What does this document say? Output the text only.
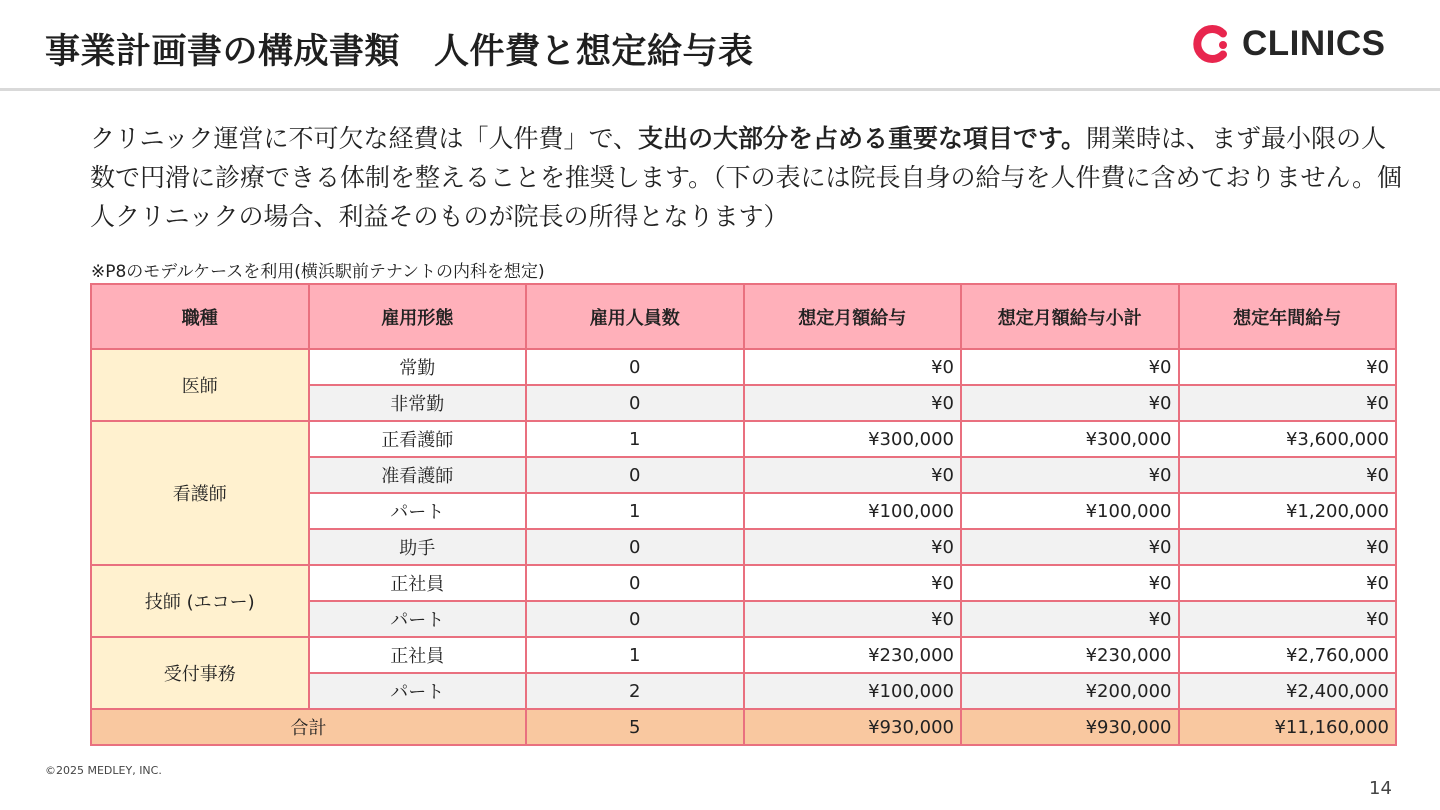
事業計画書の構成書類 人件費と想定給与表	CLINICS

クリニック運営に不可欠な経費は「人件費」で、支出の大部分を占める重要な項目です。開業時は、まず最小限の人数で円滑に診療できる体制を整えることを推奨します。（下の表には院長自身の給与を人件費に含めておりません。個人クリニックの場合、利益そのものが院長の所得となります）

※P8のモデルケースを利用(横浜駅前テナントの内科を想定)
職種	雇用形態	雇用人員数	想定月額給与	想定月額給与小計	想定年間給与
医師	常勤	0	¥0	¥0	¥0
	非常勤	0	¥0	¥0	¥0
看護師	正看護師	1	¥300,000	¥300,000	¥3,600,000
	准看護師	0	¥0	¥0	¥0
	パート	1	¥100,000	¥100,000	¥1,200,000
	助手	0	¥0	¥0	¥0
技師 (エコー)	正社員	0	¥0	¥0	¥0
	パート	0	¥0	¥0	¥0
受付事務	正社員	1	¥230,000	¥230,000	¥2,760,000
	パート	2	¥100,000	¥200,000	¥2,400,000
合計		5	¥930,000	¥930,000	¥11,160,000
©2025 MEDLEY, INC.
14
